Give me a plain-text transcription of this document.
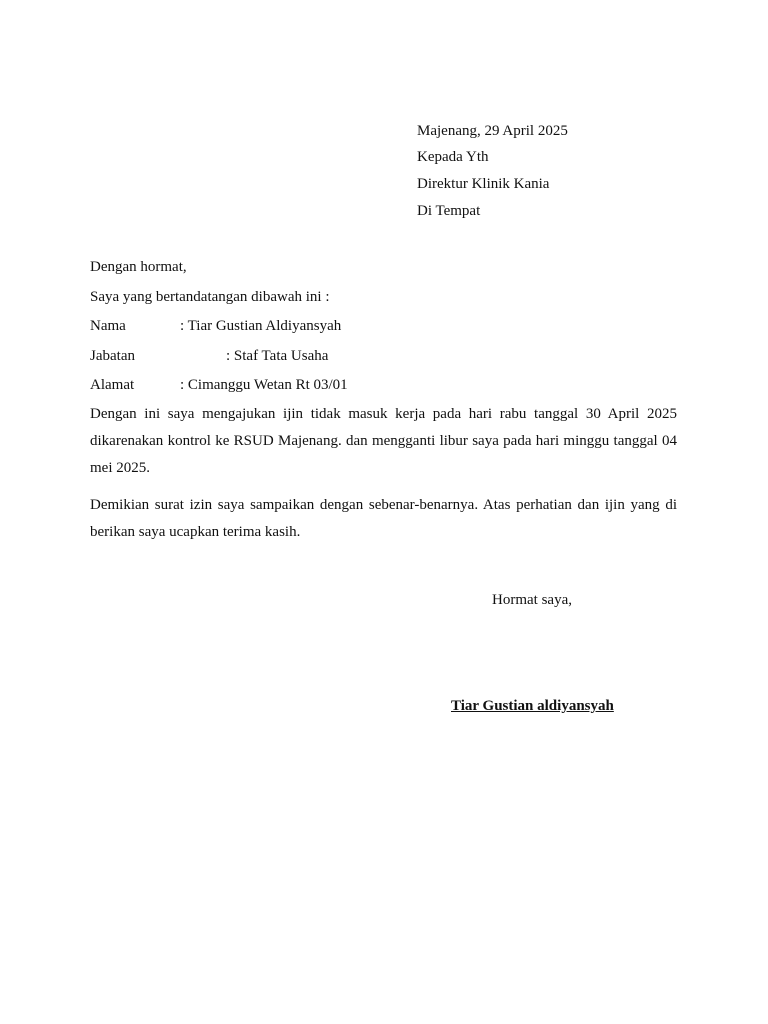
Majenang, 29 April 2025
Kepada Yth
Direktur Klinik Kania
Di Tempat
Dengan hormat,
Saya yang bertandatangan dibawah ini :
Nama	: Tiar Gustian Aldiyansyah
Jabatan	: Staf Tata Usaha
Alamat	: Cimanggu Wetan Rt 03/01
Dengan ini saya mengajukan ijin tidak masuk kerja pada hari rabu tanggal 30 April 2025 dikarenakan kontrol ke RSUD Majenang. dan mengganti libur saya pada hari minggu tanggal 04 mei 2025.
Demikian surat izin saya sampaikan dengan sebenar-benarnya. Atas perhatian dan ijin yang di berikan saya ucapkan terima kasih.
Hormat saya,
Tiar Gustian aldiyansyah
